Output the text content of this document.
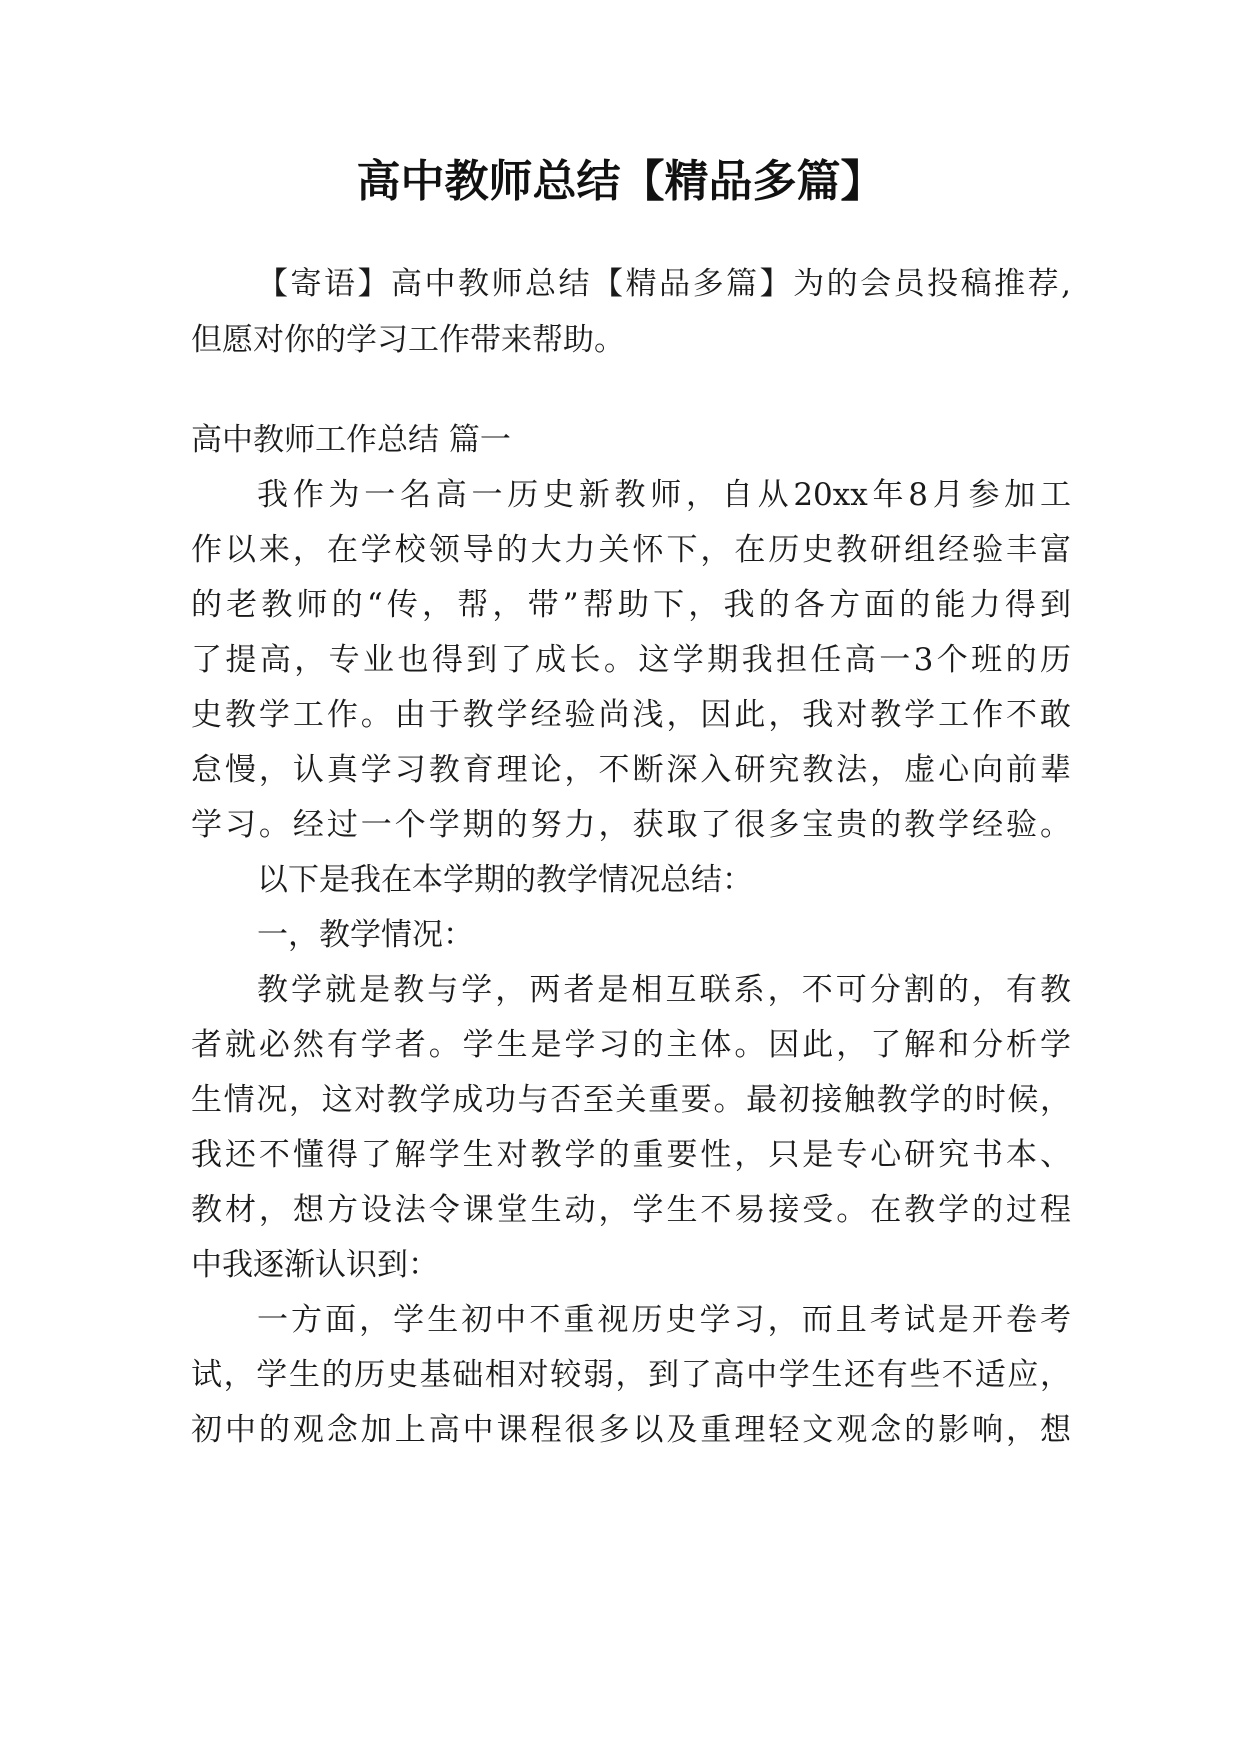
高中教师总结【精品多篇】
【寄语】高中教师总结【精品多篇】为的会员投稿推荐,
但愿对你的学习工作带来帮助。
高中教师工作总结 篇一
我作为一名高一历史新教师，自从20xx年8月参加工
作以来，在学校领导的大力关怀下，在历史教研组经验丰富
的老教师的“传，帮，带”帮助下，我的各方面的能力得到
了提高，专业也得到了成长。这学期我担任高一3个班的历
史教学工作。由于教学经验尚浅，因此，我对教学工作不敢
怠慢，认真学习教育理论，不断深入研究教法，虚心向前辈
学习。经过一个学期的努力，获取了很多宝贵的教学经验。
以下是我在本学期的教学情况总结：
一，教学情况：
教学就是教与学，两者是相互联系，不可分割的，有教
者就必然有学者。学生是学习的主体。因此，了解和分析学
生情况，这对教学成功与否至关重要。最初接触教学的时候，
我还不懂得了解学生对教学的重要性，只是专心研究书本、
教材，想方设法令课堂生动，学生不易接受。在教学的过程
中我逐渐认识到：
一方面，学生初中不重视历史学习，而且考试是开卷考
试，学生的历史基础相对较弱，到了高中学生还有些不适应，
初中的观念加上高中课程很多以及重理轻文观念的影响，想
